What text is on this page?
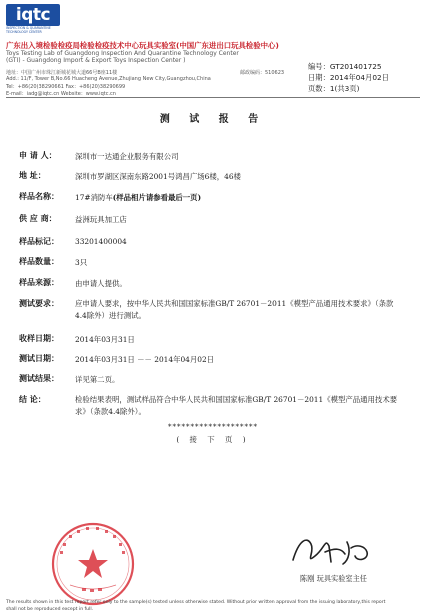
iqtc
INSPECTION & QUARANTINE TECHNOLOGY CENTER
广东出入境检验检疫局检验检疫技术中心玩具实验室(中国广东进出口玩具检验中心)
Toys Testing Lab of Guangdong Inspection And Quarantine Technology Center
(GTI) - Guangdong Import & Export Toys Inspection Center )
地址：中国广州市珠江新城花城大道66号B座11楼	邮政编码：510623
Add.: 11/F, Tower B,No.66 Huacheng Avenue,Zhujiang New City,Guangzhou,China
Tel：+86(20)38290661 Fax：+86(20)38290699
E-mail：iadg@iqtc.cn Website：www.iqtc.cn
编号：GT201401725
日期：2014年04月02日
页数：1(共3页)
测 试 报 告
申 请 人： 深圳市一达通企业服务有限公司
地 址：	深圳市罗湖区深南东路2001号鸿昌广场6楼，46楼
样品名称： 17#消防车(样品相片请参看最后一页)
供 应 商： 益洲玩具加工店
样品标记： 33201400004
样品数量： 3只
样品来源： 由申请人提供。
测试要求： 应申请人要求，按中华人民共和国国家标准GB/T 26701－2011《模型产品通用技术要求》（条款4.4除外）进行测试。
收样日期： 2014年03月31日
测试日期： 2014年03月31日 －－ 2014年04月02日
测试结果： 详见第二页。
结 论：	检验结果表明，测试样品符合中华人民共和国国家标准GB/T 26701－2011《模型产品通用技术要求》（条款4.4除外）。
********************
( 接 下 页 )
陈刚 玩具实验室主任
The results shown in this test report refer only to the sample(s) tested unless otherwise stated. Without prior written approval from the issuing laboratory,this report
shall not be reproduced except in full.
